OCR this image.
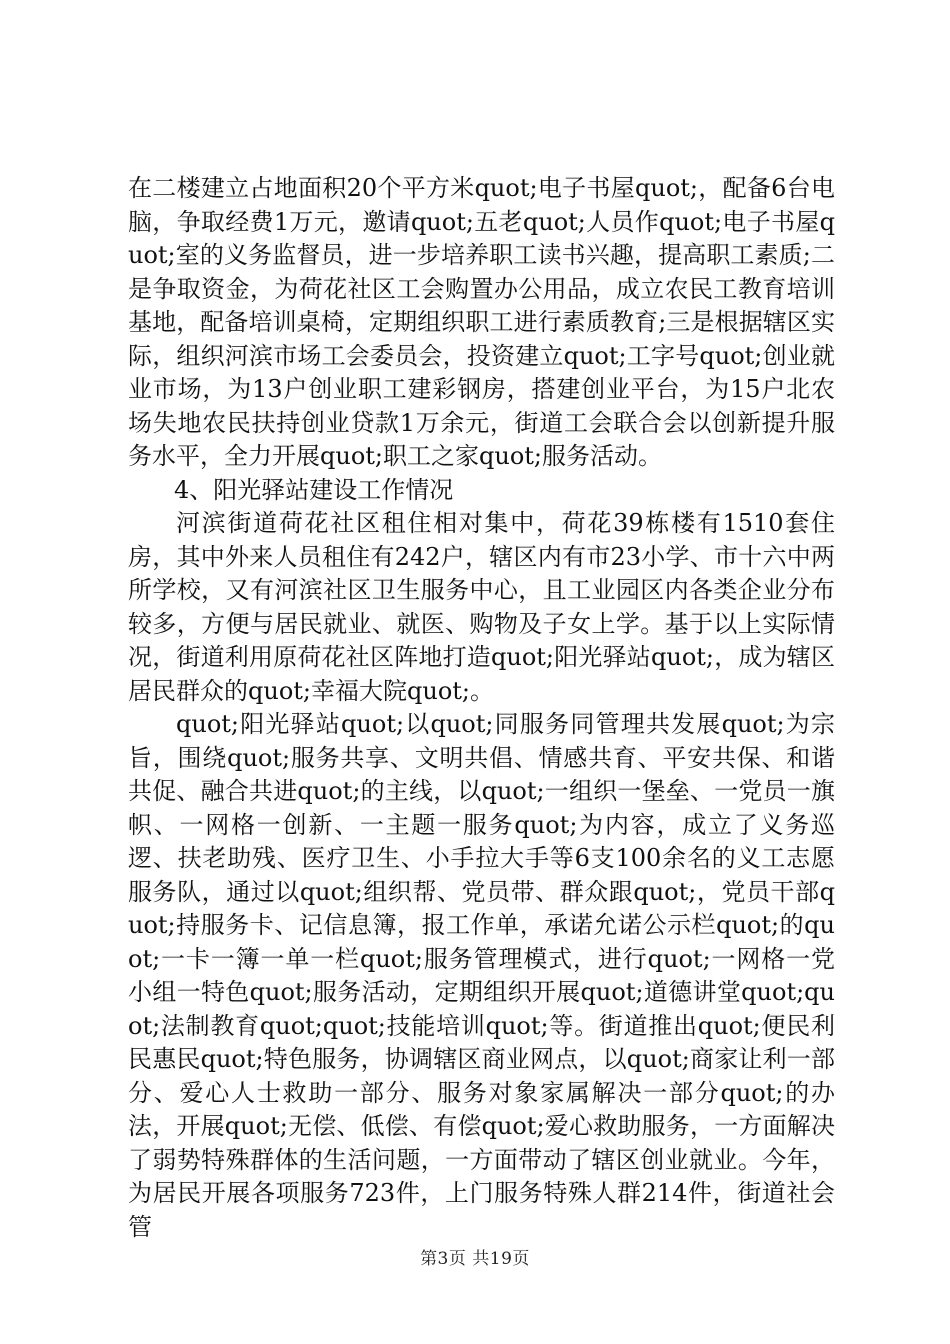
在二楼建立占地面积20个平方米quot;电子书屋quot;，配备6台电脑，争取经费1万元，邀请quot;五老quot;人员作quot;电子书屋quot;室的义务监督员，进一步培养职工读书兴趣，提高职工素质;二是争取资金，为荷花社区工会购置办公用品，成立农民工教育培训基地，配备培训桌椅，定期组织职工进行素质教育;三是根据辖区实际，组织河滨市场工会委员会，投资建立quot;工字号quot;创业就业市场，为13户创业职工建彩钢房，搭建创业平台，为15户北农场失地农民扶持创业贷款1万余元，街道工会联合会以创新提升服务水平，全力开展quot;职工之家quot;服务活动。

4、阳光驿站建设工作情况

河滨街道荷花社区租住相对集中，荷花39栋楼有1510套住房，其中外来人员租住有242户，辖区内有市23小学、市十六中两所学校，又有河滨社区卫生服务中心，且工业园区内各类企业分布较多，方便与居民就业、就医、购物及子女上学。基于以上实际情况，街道利用原荷花社区阵地打造quot;阳光驿站quot;，成为辖区居民群众的quot;幸福大院quot;。

quot;阳光驿站quot;以quot;同服务同管理共发展quot;为宗旨，围绕quot;服务共享、文明共倡、情感共育、平安共保、和谐共促、融合共进quot;的主线，以quot;一组织一堡垒、一党员一旗帜、一网格一创新、一主题一服务quot;为内容，成立了义务巡逻、扶老助残、医疗卫生、小手拉大手等6支100余名的义工志愿服务队，通过以quot;组织帮、党员带、群众跟quot;，党员干部quot;持服务卡、记信息簿，报工作单，承诺允诺公示栏quot;的quot;一卡一簿一单一栏quot;服务管理模式，进行quot;一网格一党小组一特色quot;服务活动，定期组织开展quot;道德讲堂quot;quot;法制教育quot;quot;技能培训quot;等。街道推出quot;便民利民惠民quot;特色服务，协调辖区商业网点，以quot;商家让利一部分、爱心人士救助一部分、服务对象家属解决一部分quot;的办法，开展quot;无偿、低偿、有偿quot;爱心救助服务，一方面解决了弱势特殊群体的生活问题，一方面带动了辖区创业就业。今年，为居民开展各项服务723件，上门服务特殊人群214件，街道社会管

第3页 共19页
